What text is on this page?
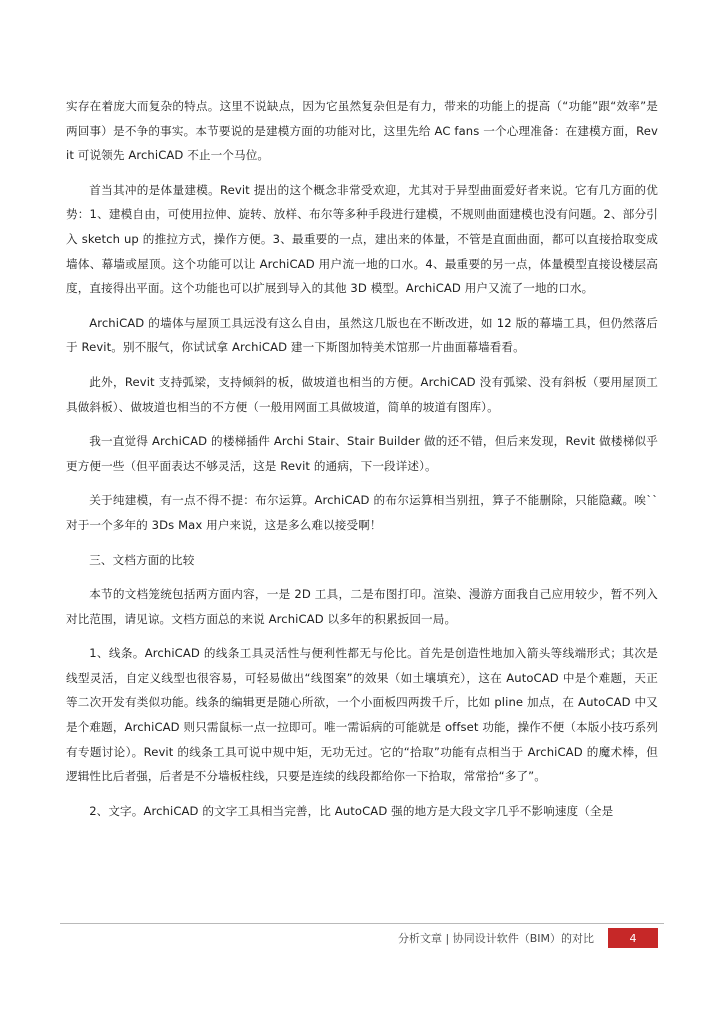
实存在着庞大而复杂的特点。这里不说缺点，因为它虽然复杂但是有力，带来的功能上的提高（“功能”跟“效率”是两回事）是不争的事实。本节要说的是建模方面的功能对比，这里先给 AC fans 一个心理准备：在建模方面，Revit 可说领先 ArchiCAD 不止一个马位。

首当其冲的是体量建模。Revit 提出的这个概念非常受欢迎，尤其对于异型曲面爱好者来说。它有几方面的优势：1、建模自由，可使用拉伸、旋转、放样、布尔等多种手段进行建模，不规则曲面建模也没有问题。2、部分引入 sketch up 的推拉方式，操作方便。3、最重要的一点，建出来的体量，不管是直面曲面，都可以直接拾取变成墙体、幕墙或屋顶。这个功能可以让 ArchiCAD 用户流一地的口水。4、最重要的另一点，体量模型直接设楼层高度，直接得出平面。这个功能也可以扩展到导入的其他 3D 模型。ArchiCAD 用户又流了一地的口水。

ArchiCAD 的墙体与屋顶工具远没有这么自由，虽然这几版也在不断改进，如 12 版的幕墙工具，但仍然落后于 Revit。别不服气，你试试拿 ArchiCAD 建一下斯图加特美术馆那一片曲面幕墙看看。

此外，Revit 支持弧梁，支持倾斜的板，做坡道也相当的方便。ArchiCAD 没有弧梁、没有斜板（要用屋顶工具做斜板）、做坡道也相当的不方便（一般用网面工具做坡道，简单的坡道有图库）。

我一直觉得 ArchiCAD 的楼梯插件 Archi Stair、Stair Builder 做的还不错，但后来发现，Revit 做楼梯似乎更方便一些（但平面表达不够灵活，这是 Revit 的通病，下一段详述）。

关于纯建模，有一点不得不提：布尔运算。ArchiCAD 的布尔运算相当别扭，算子不能删除，只能隐藏。唉``对于一个多年的 3Ds Max 用户来说，这是多么难以接受啊！

三、文档方面的比较

本节的文档笼统包括两方面内容，一是 2D 工具，二是布图打印。渲染、漫游方面我自己应用较少，暂不列入对比范围，请见谅。文档方面总的来说 ArchiCAD 以多年的积累扳回一局。

1、线条。ArchiCAD 的线条工具灵活性与便利性都无与伦比。首先是创造性地加入箭头等线端形式；其次是线型灵活，自定义线型也很容易，可轻易做出“线图案”的效果（如土壤填充），这在 AutoCAD 中是个难题，天正等二次开发有类似功能。线条的编辑更是随心所欲，一个小面板四两拨千斤，比如 pline 加点，在 AutoCAD 中又是个难题，ArchiCAD 则只需鼠标一点一拉即可。唯一需诟病的可能就是 offset 功能，操作不便（本版小技巧系列有专题讨论）。Revit 的线条工具可说中规中矩，无功无过。它的“拾取”功能有点相当于 ArchiCAD 的魔术棒，但逻辑性比后者强，后者是不分墙板柱线，只要是连续的线段都给你一下拾取，常常拾“多了”。

2、文字。ArchiCAD 的文字工具相当完善，比 AutoCAD 强的地方是大段文字几乎不影响速度（全是

分析文章 | 协同设计软件（BIM）的对比	4
